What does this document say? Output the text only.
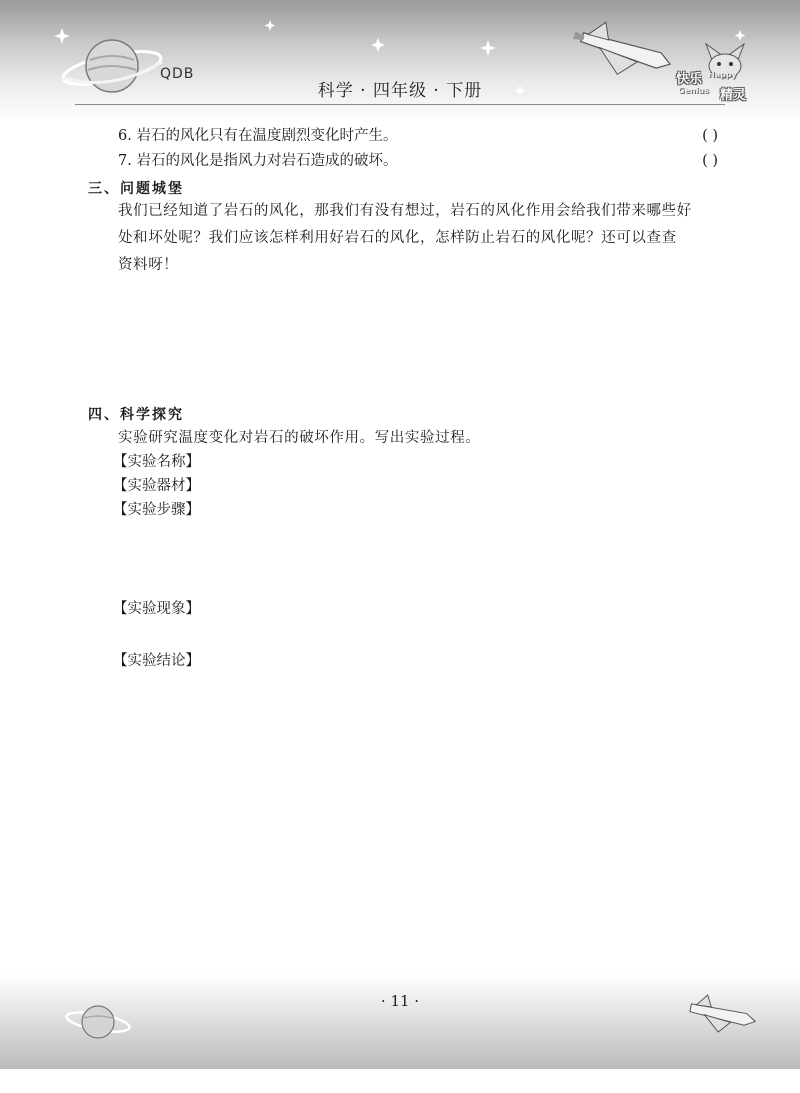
QDB
科学 · 四年级 · 下册
快乐 Happy
Genius 精灵
6. 岩石的风化只有在温度剧烈变化时产生。	( )
7. 岩石的风化是指风力对岩石造成的破坏。	( )
三、问题城堡
我们已经知道了岩石的风化，那我们有没有想过，岩石的风化作用会给我们带来哪些好
处和坏处呢？我们应该怎样利用好岩石的风化，怎样防止岩石的风化呢？还可以查查
资料呀！
四、科学探究
实验研究温度变化对岩石的破坏作用。写出实验过程。
【实验名称】
【实验器材】
【实验步骤】
【实验现象】
【实验结论】
· 11 ·
